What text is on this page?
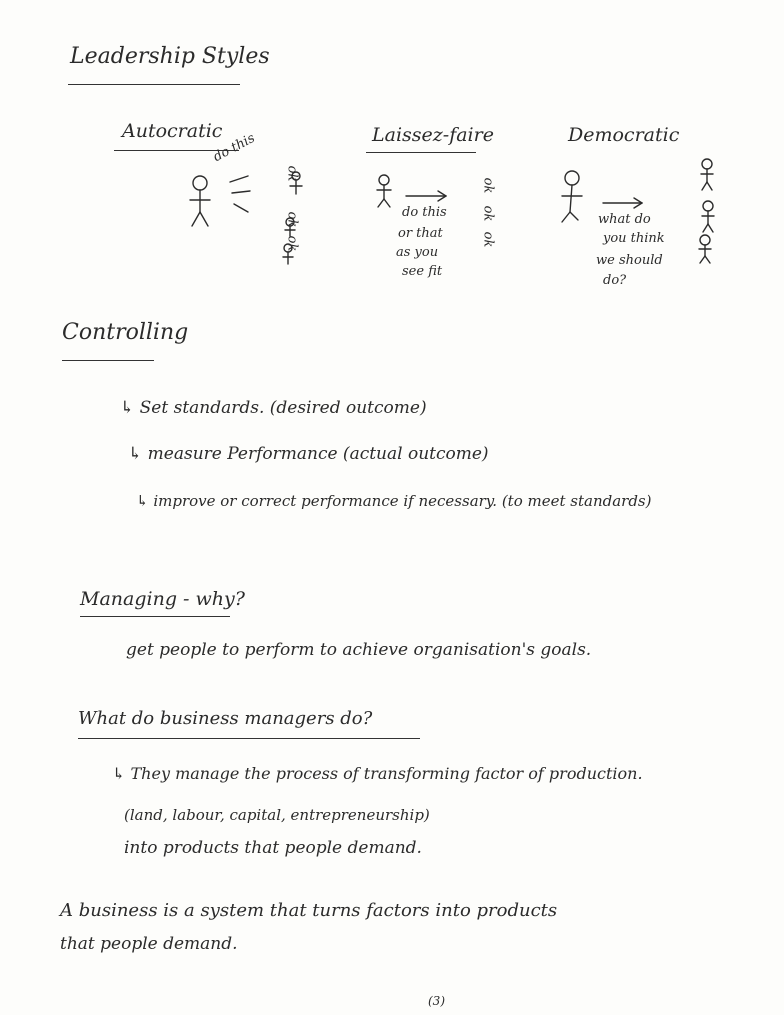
Leadership Styles
Autocratic	Laissez-faire	Democratic
do this
ok
ok
ok
do this
or that
as you
see fit
ok
ok
ok
what do
you think
we should
do?
Controlling
↳ Set standards. (desired outcome)
↳ measure Performance (actual outcome)
↳ improve or correct performance if necessary. (to meet standards)
Managing - why?
get people to perform to achieve organisation's goals.
What do business managers do?
↳ They manage the process of transforming factor of production.
(land, labour, capital, entrepreneurship)
into products that people demand.
A business is a system that turns factors into products
that people demand.
(3)
